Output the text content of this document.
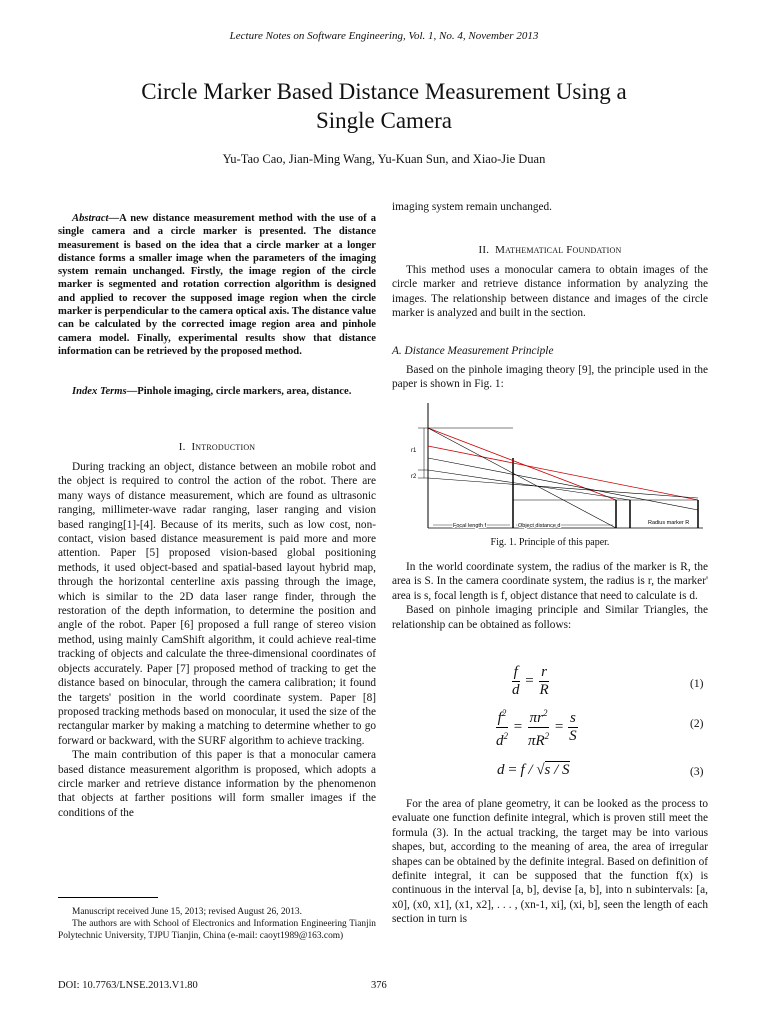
Lecture Notes on Software Engineering, Vol. 1, No. 4, November 2013
Circle Marker Based Distance Measurement Using a
Single Camera
Yu-Tao Cao, Jian-Ming Wang, Yu-Kuan Sun, and Xiao-Jie Duan

Abstract—A new distance measurement method with the use of a single camera and a circle marker is presented. The distance measurement is based on the idea that a circle marker at a longer distance forms a smaller image when the parameters of the imaging system remain unchanged. Firstly, the image region of the circle marker is segmented and rotation correction algorithm is designed and applied to recover the supposed image region when the circle marker is perpendicular to the camera optical axis. The distance value can be calculated by the corrected image region area and pinhole camera model. Finally, experimental results show that distance information can be retrieved by the proposed method.

Index Terms—Pinhole imaging, circle markers, area, distance.

I. Introduction

During tracking an object, distance between an mobile robot and the object is required to control the action of the robot. There are many ways of distance measurement, which are found as ultrasonic ranging, millimeter-wave radar ranging, laser ranging and vision based ranging[1]-[4]. Because of its merits, such as low cost, non-contact, vision based distance measurement is paid more and more attention. Paper [5] proposed vision-based global positioning methods, it used object-based and spatial-based layout hybrid map, through the horizontal centerline axis passing through the image, which is similar to the 2D data laser range finder, through the restoration of the depth information, to determine the position and angle of the robot. Paper [6] proposed a full range of stereo vision method, using mainly CamShift algorithm, it could achieve real-time tracking of objects and calculate the three-dimensional coordinates of objects accurately. Paper [7] proposed method of tracking to get the distance based on binocular, through the camera calibration; it found the targets' position in the world coordinate system. Paper [8] proposed tracking methods based on monocular, it used the size of the rectangular marker by making a matching to determine whether to go forward or backward, with the SURF algorithm to achieve tracking.

The main contribution of this paper is that a monocular camera based distance measurement algorithm is proposed, which adopts a circle marker and retrieve distance information by the phenomenon that objects at farther positions will form smaller images if the conditions of the

Manuscript received June 15, 2013; revised August 26, 2013.

The authors are with School of Electronics and Information Engineering Tianjin Polytechnic University, TJPU Tianjin, China (e-mail: caoyt1989@163.com)

DOI: 10.7763/LNSE.2013.V1.80	376

imaging system remain unchanged.

II. Mathematical Foundation

This method uses a monocular camera to obtain images of the circle marker and retrieve distance information by analyzing the images. The relationship between distance and images of the circle marker is analyzed and built in the section.

A. Distance Measurement Principle

Based on the pinhole imaging theory [9], the principle used in the paper is shown in Fig. 1:

r1
r2
Focal length f	Object distance d	Radius marker R
Fig. 1. Principle of this paper.

In the world coordinate system, the radius of the marker is R, the area is S. In the camera coordinate system, the radius is r, the marker' area is s, focal length is f, object distance that need to calculate is d.

Based on pinhole imaging principle and Similar Triangles, the relationship can be obtained as follows:

$\frac{f}{d} = \frac{r}{R}$	(1)
$\frac{f^2}{d^2} = \frac{\pi r^2}{\pi R^2} = \frac{s}{S}$	(2)
d = f / √s / S	(3)

For the area of plane geometry, it can be looked as the process to evaluate one function definite integral, which is proven still meet the formula (3). In the actual tracking, the target may be into various shapes, but, according to the meaning of area, the area of irregular shapes can be obtained by the definite integral. Based on definition of definite integral, it can be supposed that the function f(x) is continuous in the interval [a, b], devise [a, b], into n subintervals: [a, x0], (x0, x1], (x1, x2], . . . , (xn-1, xi], (xi, b], seen the length of each section in turn is
